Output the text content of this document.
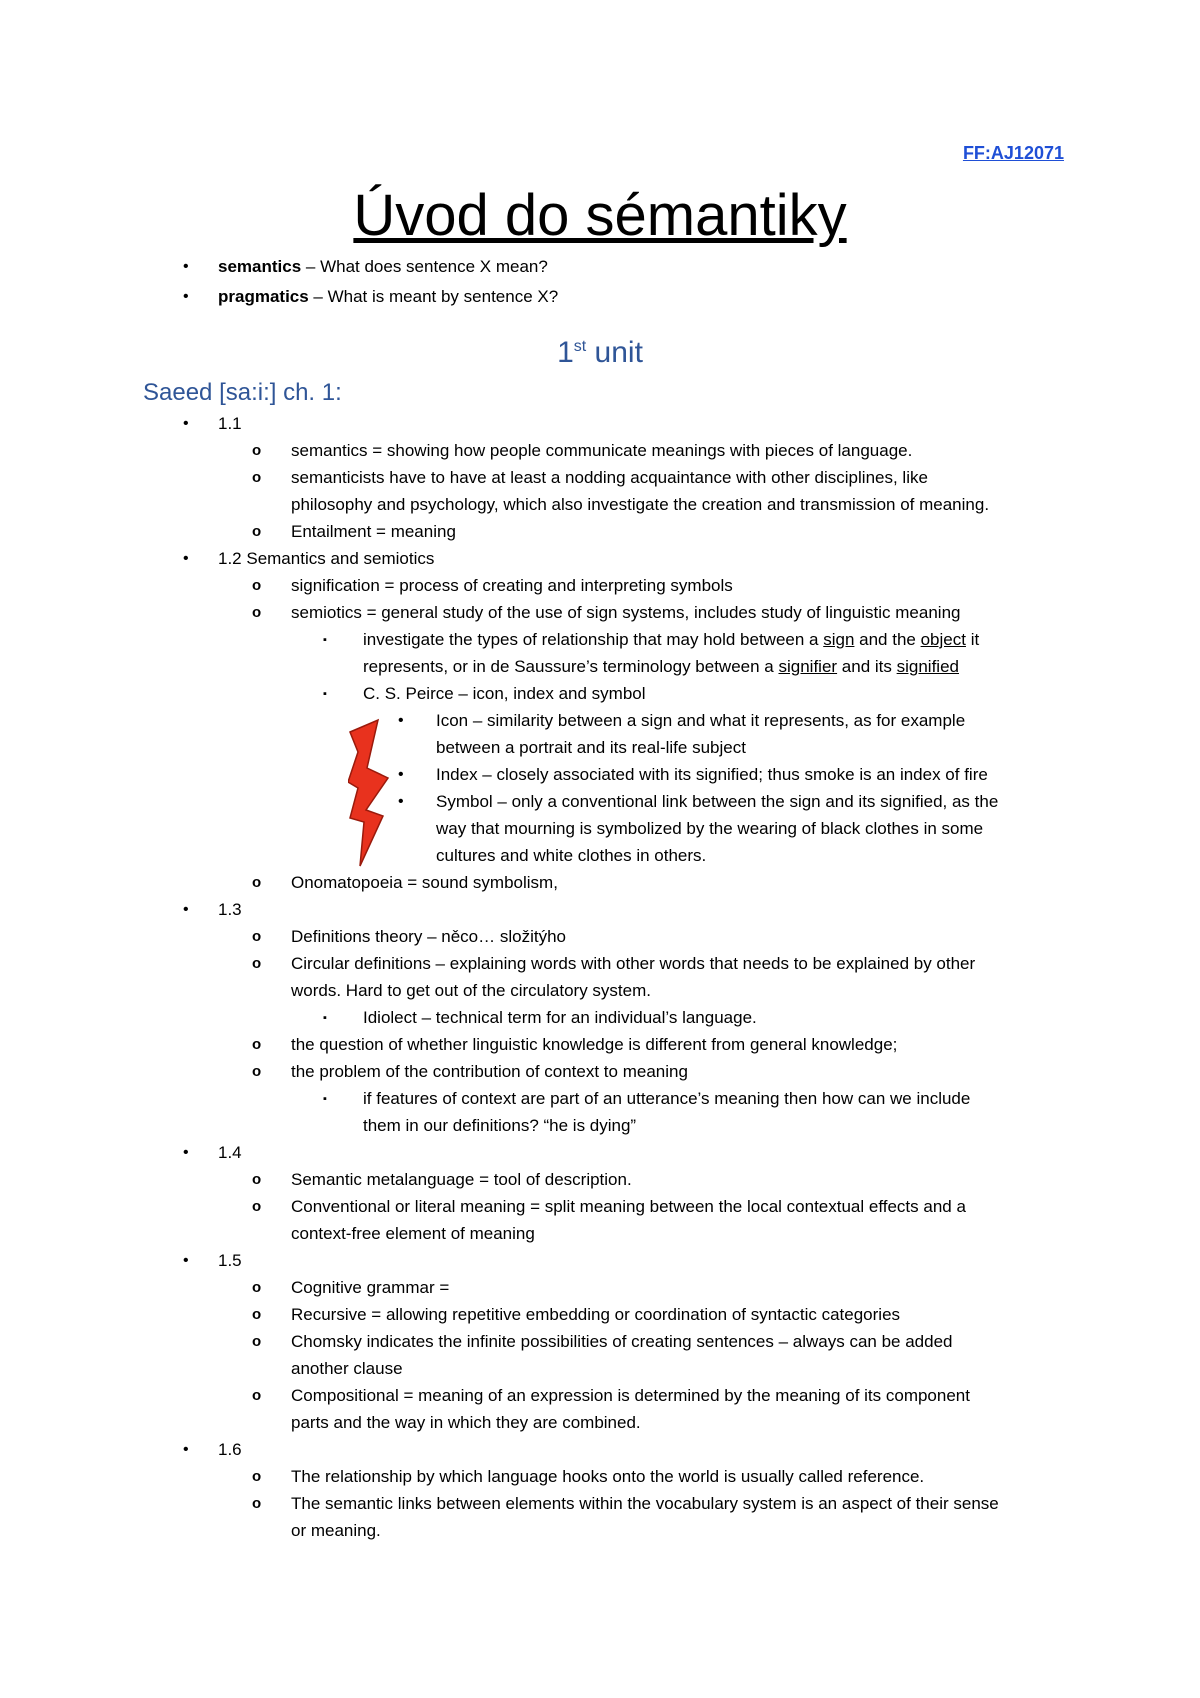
FF:AJ12071
Úvod do sémantiky
• semantics – What does sentence X mean?
• pragmatics – What is meant by sentence X?
1st unit
Saeed [sa:i:] ch. 1:
• 1.1
o semantics = showing how people communicate meanings with pieces of language.
o semanticists have to have at least a nodding acquaintance with other disciplines, like
philosophy and psychology, which also investigate the creation and transmission of meaning.
o Entailment = meaning
• 1.2 Semantics and semiotics
o signification = process of creating and interpreting symbols
o semiotics = general study of the use of sign systems, includes study of linguistic meaning
▪ investigate the types of relationship that may hold between a sign and the object it
represents, or in de Saussure’s terminology between a signifier and its signified
▪ C. S. Peirce – icon, index and symbol
• Icon – similarity between a sign and what it represents, as for example
between a portrait and its real-life subject
• Index – closely associated with its signified; thus smoke is an index of fire
• Symbol – only a conventional link between the sign and its signified, as the
way that mourning is symbolized by the wearing of black clothes in some
cultures and white clothes in others.
o Onomatopoeia = sound symbolism,
• 1.3
o Definitions theory – něco… složitýho
o Circular definitions – explaining words with other words that needs to be explained by other
words. Hard to get out of the circulatory system.
▪ Idiolect – technical term for an individual’s language.
o the question of whether linguistic knowledge is different from general knowledge;
o the problem of the contribution of context to meaning
▪ if features of context are part of an utterance’s meaning then how can we include
them in our definitions? “he is dying”
• 1.4
o Semantic metalanguage = tool of description.
o Conventional or literal meaning = split meaning between the local contextual effects and a
context-free element of meaning
• 1.5
o Cognitive grammar =
o Recursive = allowing repetitive embedding or coordination of syntactic categories
o Chomsky indicates the infinite possibilities of creating sentences – always can be added
another clause
o Compositional = meaning of an expression is determined by the meaning of its component
parts and the way in which they are combined.
• 1.6
o The relationship by which language hooks onto the world is usually called reference.
o The semantic links between elements within the vocabulary system is an aspect of their sense
or meaning.
